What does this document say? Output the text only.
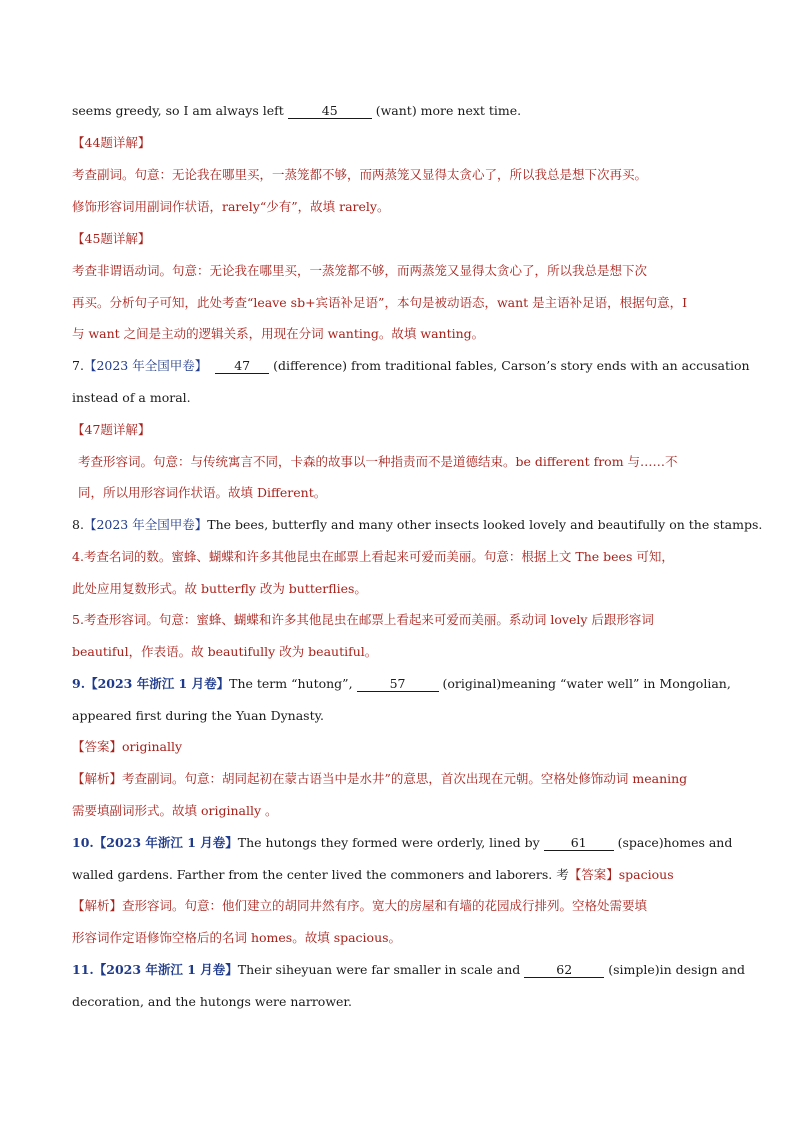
seems greedy, so I am always left	45	(want) more next time.
【44题详解】
考查副词。句意：无论我在哪里买，一蒸笼都不够，而两蒸笼又显得太贪心了，所以我总是想下次再买。
修饰形容词用副词作状语，rarely“少有”，故填 rarely。
【45题详解】
考查非谓语动词。句意：无论我在哪里买，一蒸笼都不够，而两蒸笼又显得太贪心了，所以我总是想下次
再买。分析句子可知，此处考查“leave sb+宾语补足语”，本句是被动语态，want 是主语补足语，根据句意，I
与 want 之间是主动的逻辑关系，用现在分词 wanting。故填 wanting。
7.【2023 年全国甲卷】 47 (difference) from traditional fables, Carson’s story ends with an accusation
instead of a moral.
【47题详解】
考查形容词。句意：与传统寓言不同，卡森的故事以一种指责而不是道德结束。be different from 与……不
同，所以用形容词作状语。故填 Different。
8.【2023 年全国甲卷】The bees, butterfly and many other insects looked lovely and beautifully on the stamps.
4.考查名词的数。蜜蜂、蝴蝶和许多其他昆虫在邮票上看起来可爱而美丽。句意：根据上文 The bees 可知，
此处应用复数形式。故 butterfly 改为 butterflies。
5.考查形容词。句意：蜜蜂、蝴蝶和许多其他昆虫在邮票上看起来可爱而美丽。系动词 lovely 后跟形容词
beautiful，作表语。故 beautifully 改为 beautiful。
9.【2023 年浙江 1 月卷】The term “hutong”,	57	(original)meaning “water well” in Mongolian,
appeared first during the Yuan Dynasty.
【答案】originally
【解析】考查副词。句意：胡同起初在蒙古语当中是水井”的意思，首次出现在元朝。空格处修饰动词 meaning
需要填副词形式。故填 originally 。
10.【2023 年浙江 1 月卷】The hutongs they formed were orderly, lined by 61 (space)homes and
walled gardens. Farther from the center lived the commoners and laborers. 考【答案】spacious
【解析】查形容词。句意：他们建立的胡同井然有序。宽大的房屋和有墙的花园成行排列。空格处需要填
形容词作定语修饰空格后的名词 homes。故填 spacious。
11.【2023 年浙江 1 月卷】Their siheyuan were far smaller in scale and	62	(simple)in design and
decoration, and the hutongs were narrower.
